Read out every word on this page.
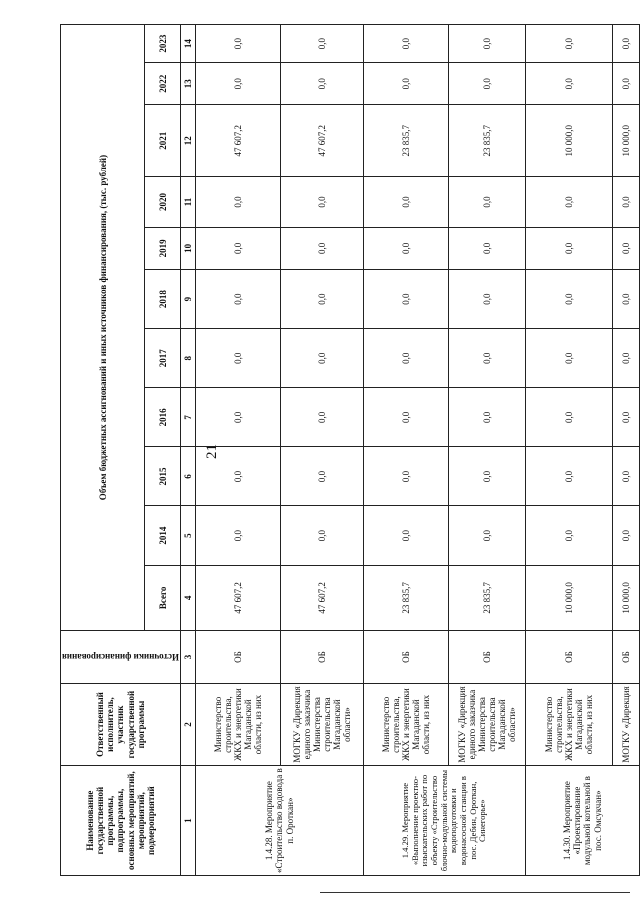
21
Наименование государственной программы, подпрограммы, основных мероприятий, мероприятий, подмероприятий	Ответственный исполнитель, участник государственной программы	Источники финансирования	Объем бюджетных ассигнований и иных источников финансирования, (тыс. рублей)										
			Всего	2014	2015	2016	2017	2018	2019	2020	2021	2022	2023
1	2	3	4	5	6	7	8	9	10	11	12	13	14
1.4.28. Мероприятие «Строительство водовода в п. Ороткан»	Министерство строительства, ЖКХ и энергетики Магаданской области, из них	ОБ	47 607,2	0,0	0,0	0,0	0,0	0,0	0,0	0,0	47 607,2	0,0	0,0
	МОГКУ «Дирекция единого заказчика Министерства строительства Магаданской области»	ОБ	47 607,2	0,0	0,0	0,0	0,0	0,0	0,0	0,0	47 607,2	0,0	0,0
1.4.29. Мероприятие «Выполнение проектно-изыскательских работ по объекту «Строительство блочно-модульной системы водоподготовки и водонасосной станции в пос. Дебин, Ороткан, Синегорье»	Министерство строительства, ЖКХ и энергетики Магаданской области, из них	ОБ	23 835,7	0,0	0,0	0,0	0,0	0,0	0,0	0,0	23 835,7	0,0	0,0
	МОГКУ «Дирекция единого заказчика Министерства строительства Магаданской области»	ОБ	23 835,7	0,0	0,0	0,0	0,0	0,0	0,0	0,0	23 835,7	0,0	0,0
1.4.30. Мероприятие «Проектирование модульной котельной в пос. Омсукчан»	Министерство строительства, ЖКХ и энергетики Магаданской области, из них	ОБ	10 000,0	0,0	0,0	0,0	0,0	0,0	0,0	0,0	10 000,0	0,0	0,0
	МОГКУ «Дирекция	ОБ	10 000,0	0,0	0,0	0,0	0,0	0,0	0,0	0,0	10 000,0	0,0	0,0
